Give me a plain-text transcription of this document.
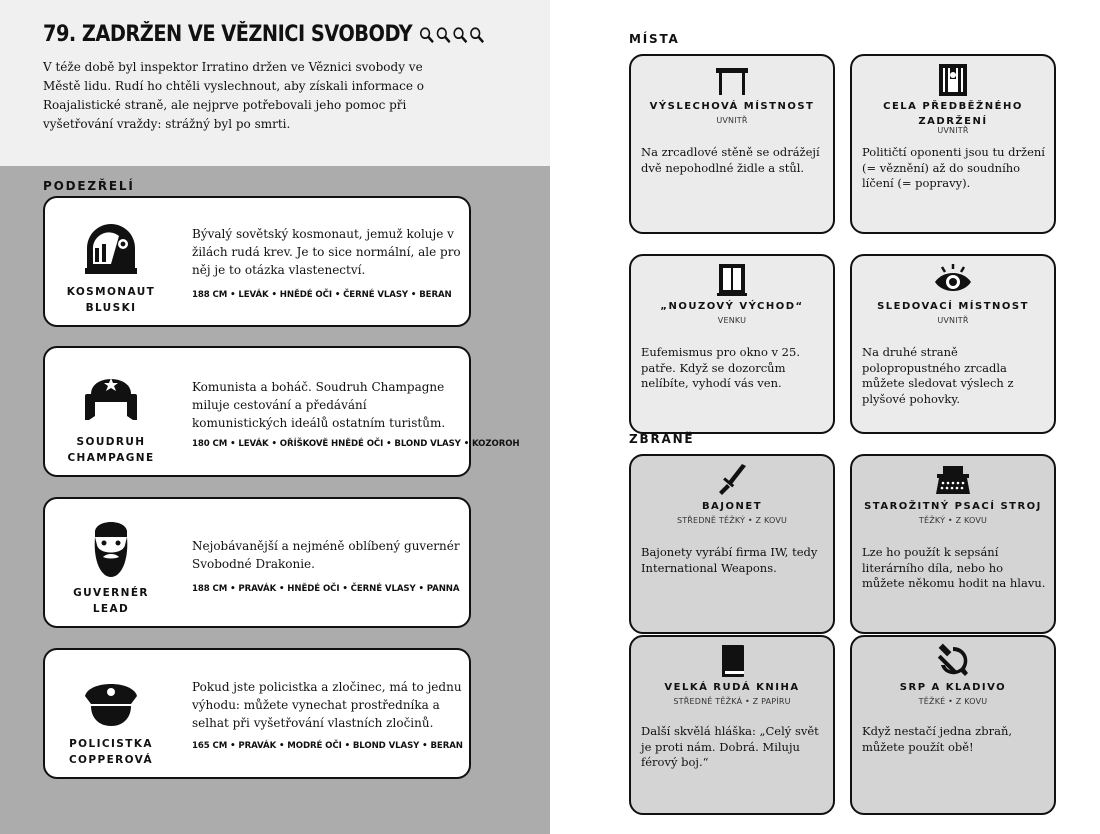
79. ZADRŽEN VE VĚZNICI SVOBODY

V téže době byl inspektor Irratino držen ve Věznici svobody ve Městě lidu. Rudí ho chtěli vyslechnout, aby získali informace o Roajalistické straně, ale nejprve potřebovali jeho pomoc při vyšetřování vraždy: strážný byl po smrti.

PODEZŘELÍ
KOSMONAUT
BLUSKI

Bývalý sovětský kosmonaut, jemuž koluje v žilách rudá krev. Je to sice normální, ale pro něj je to otázka vlastenectví.

188 CM • LEVÁK • HNĚDÉ OČI • ČERNÉ VLASY • BERAN
SOUDRUH
CHAMPAGNE

Komunista a boháč. Soudruh Champagne miluje cestování a předávání komunistických ideálů ostatním turistům.

180 CM • LEVÁK • OŘÍŠKOVĚ HNĚDÉ OČI • BLOND VLASY • KOZOROH
GUVERNÉR
LEAD

Nejobávanější a nejméně oblíbený guvernér Svobodné Drakonie.

188 CM • PRAVÁK • HNĚDÉ OČI • ČERNÉ VLASY • PANNA
POLICISTKA
COPPEROVÁ

Pokud jste policistka a zločinec, má to jednu výhodu: můžete vynechat prostředníka a selhat při vyšetřování vlastních zločinů.

165 CM • PRAVÁK • MODRÉ OČI • BLOND VLASY • BERAN
MÍSTA
VÝSLECHOVÁ MÍSTNOST
UVNITŘ

Na zrcadlové stěně se odrážejí dvě nepohodlné židle a stůl.

CELA PŘEDBĚŽNÉHO ZADRŽENÍ
UVNITŘ

Političtí oponenti jsou tu držení (= věznění) až do soudního líčení (= popravy).

„NOUZOVÝ VÝCHOD“
VENKU

Eufemismus pro okno v 25. patře. Když se dozorcům nelíbíte, vyhodí vás ven.

SLEDOVACÍ MÍSTNOST
UVNITŘ

Na druhé straně polopropustného zrcadla můžete sledovat výslech z plyšové pohovky.

ZBRANĚ
BAJONET
STŘEDNĚ TĚŽKÝ • Z KOVU

Bajonety vyrábí firma IW, tedy International Weapons.

STAROŽITNÝ PSACÍ STROJ
TĚŽKÝ • Z KOVU

Lze ho použít k sepsání literárního díla, nebo ho můžete někomu hodit na hlavu.

VELKÁ RUDÁ KNIHA
STŘEDNĚ TĚŽKÁ • Z PAPÍRU

Další skvělá hláška: „Celý svět je proti nám. Dobrá. Miluju férový boj.“

SRP A KLADIVO
TĚŽKÉ • Z KOVU

Když nestačí jedna zbraň, můžete použít obě!
